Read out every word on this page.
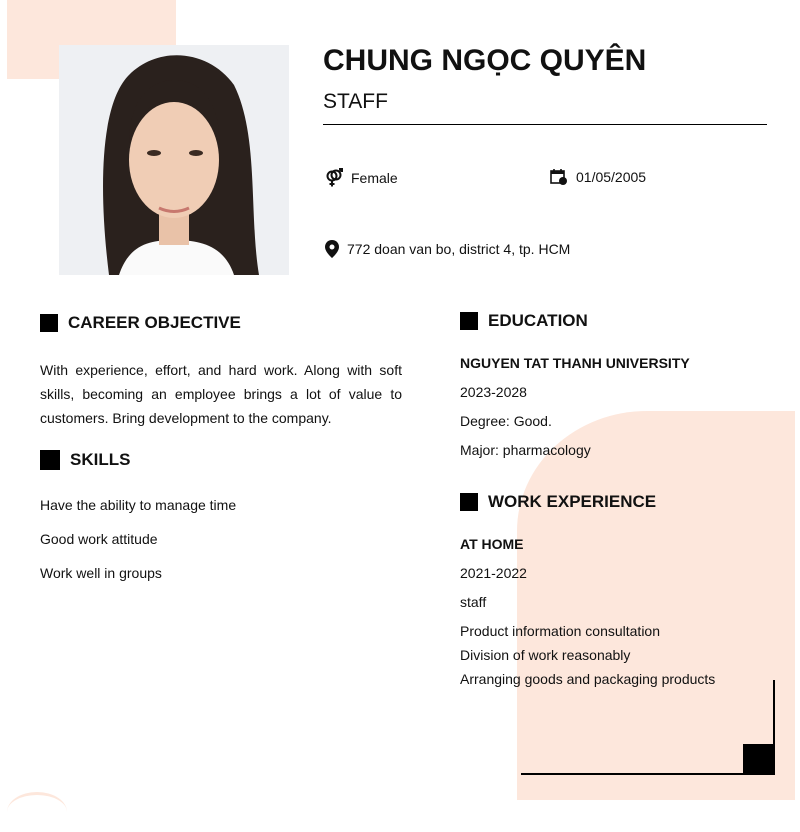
CHUNG NGỌC QUYÊN
STAFF
Female	01/05/2005
772 doan van bo, district 4, tp. HCM
CAREER OBJECTIVE
With experience, effort, and hard work. Along with soft skills, becoming an employee brings a lot of value to customers. Bring development to the company.
SKILLS
Have the ability to manage time
Good work attitude
Work well in groups
EDUCATION
NGUYEN TAT THANH UNIVERSITY
2023-2028
Degree: Good.
Major: pharmacology
WORK EXPERIENCE
AT HOME
2021-2022
staff
Product information consultation
Division of work reasonably
Arranging goods and packaging products
